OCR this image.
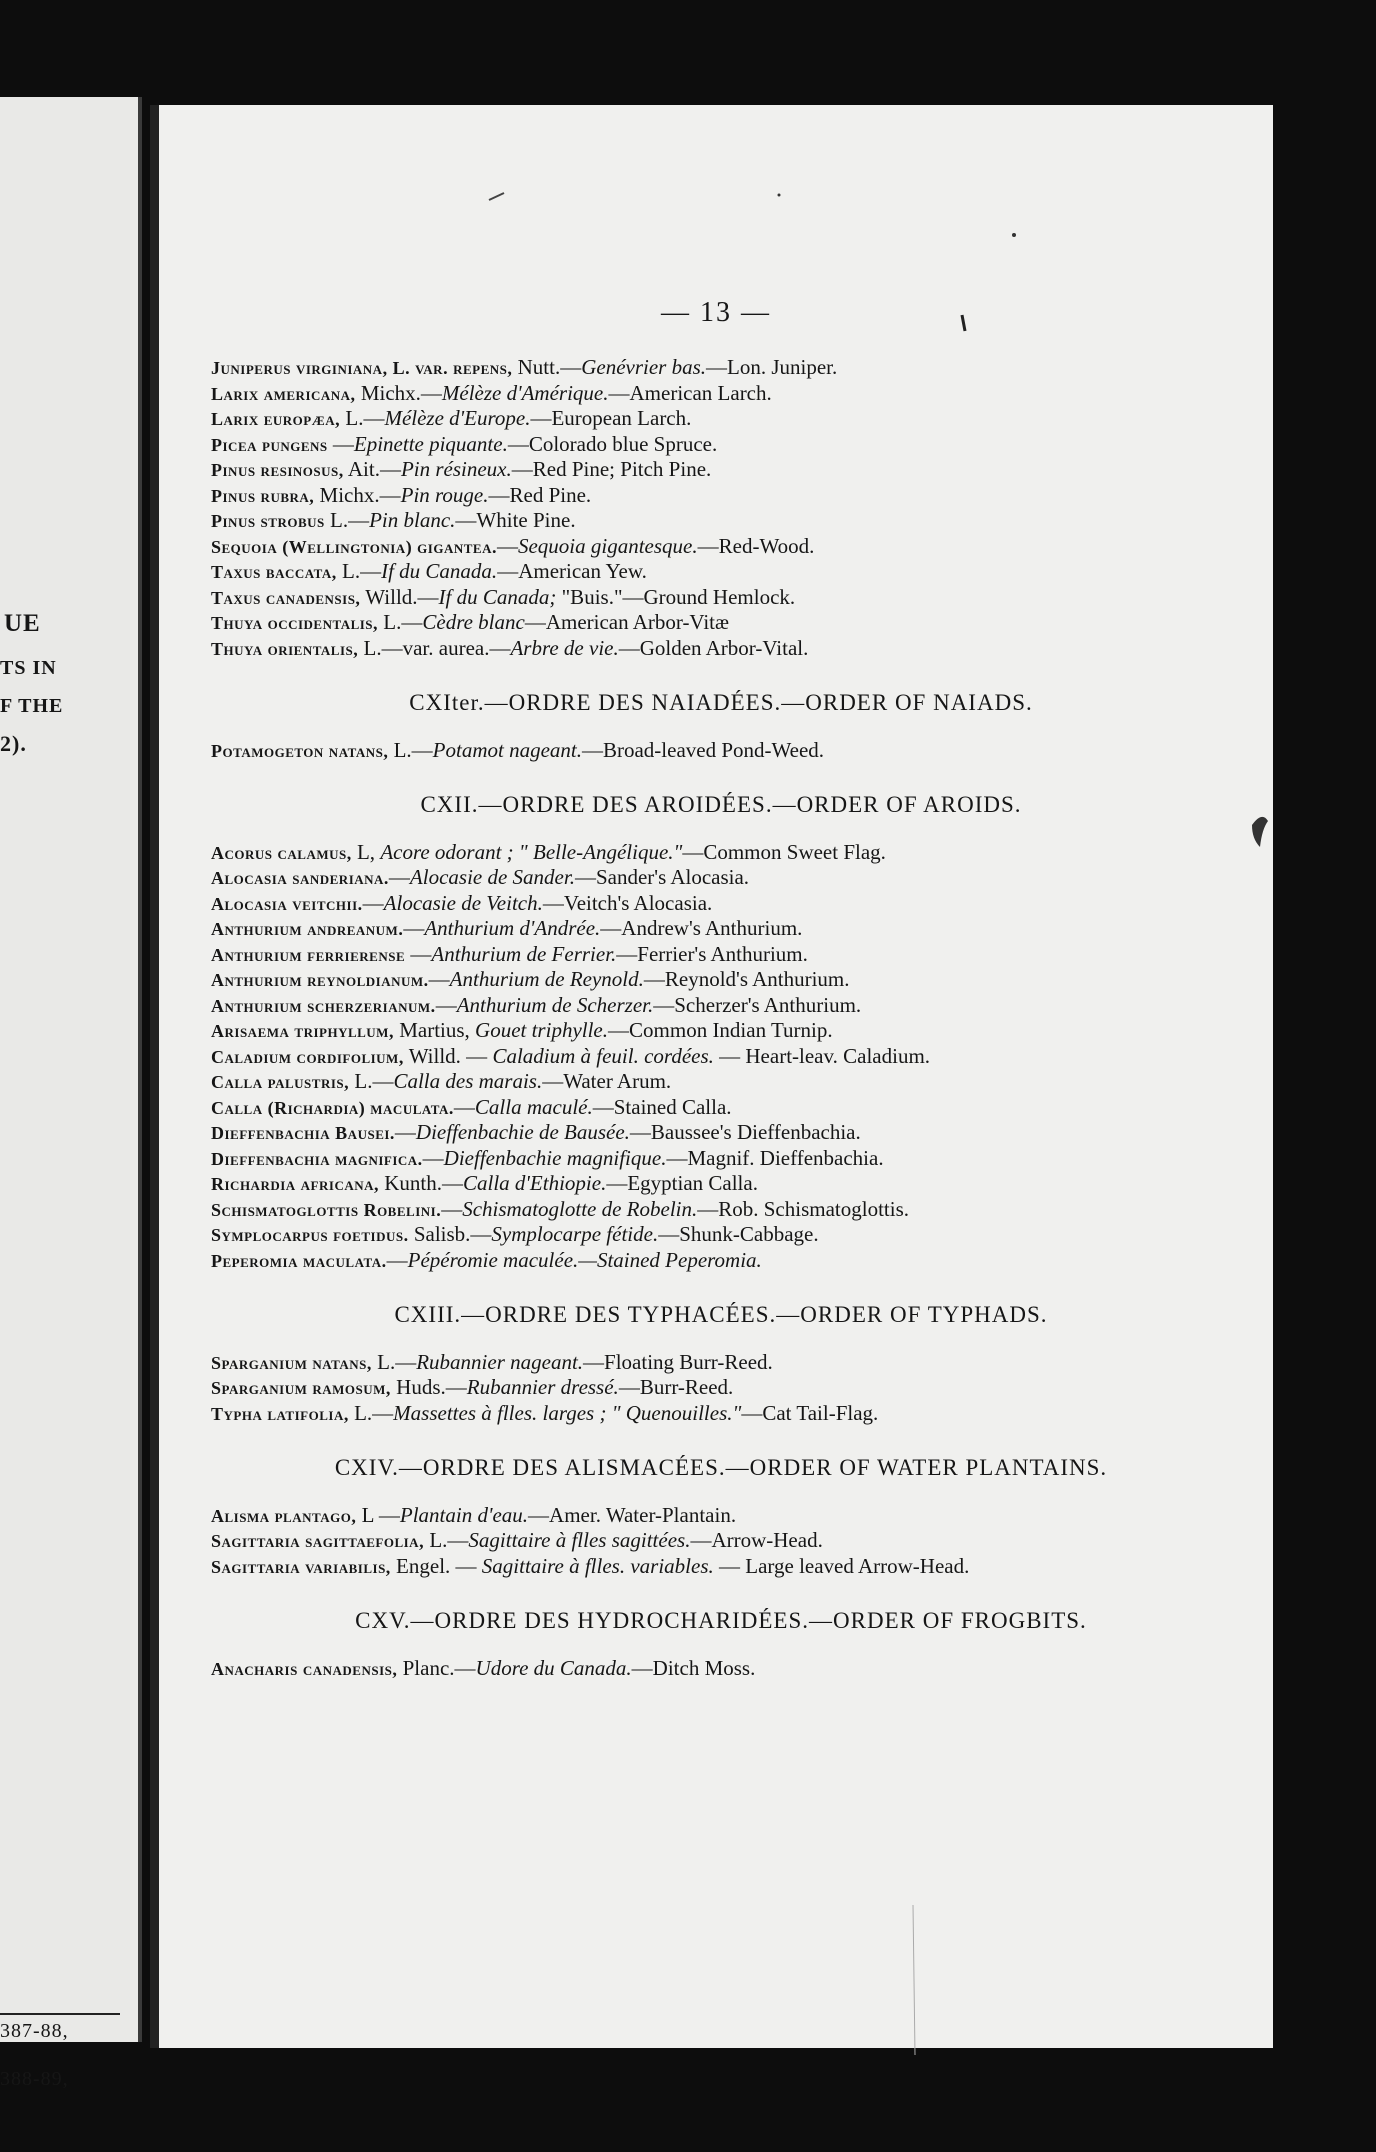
UE
TS IN
F THE
2).
387-88,
388-89,
— 13 —

Juniperus virginiana, L. var. repens, Nutt.—Genévrier bas.—Lon. Juniper.

Larix americana, Michx.—Mélèze d'Amérique.—American Larch.

Larix europæa, L.—Mélèze d'Europe.—European Larch.

Picea pungens —Epinette piquante.—Colorado blue Spruce.

Pinus resinosus, Ait.—Pin résineux.—Red Pine; Pitch Pine.

Pinus rubra, Michx.—Pin rouge.—Red Pine.

Pinus strobus L.—Pin blanc.—White Pine.

Sequoia (Wellingtonia) gigantea.—Sequoia gigantesque.—Red-Wood.

Taxus baccata, L.—If du Canada.—American Yew.

Taxus canadensis, Willd.—If du Canada; "Buis."—Ground Hemlock.

Thuya occidentalis, L.—Cèdre blanc—American Arbor-Vitæ

Thuya orientalis, L.—var. aurea.—Arbre de vie.—Golden Arbor-Vital.

CXIter.—ORDRE DES NAIADÉES.—ORDER OF NAIADS.

Potamogeton natans, L.—Potamot nageant.—Broad-leaved Pond-Weed.

CXII.—ORDRE DES AROIDÉES.—ORDER OF AROIDS.

Acorus calamus, L, Acore odorant ; " Belle-Angélique."—Common Sweet Flag.

Alocasia sanderiana.—Alocasie de Sander.—Sander's Alocasia.

Alocasia veitchii.—Alocasie de Veitch.—Veitch's Alocasia.

Anthurium andreanum.—Anthurium d'Andrée.—Andrew's Anthurium.

Anthurium ferrierense —Anthurium de Ferrier.—Ferrier's Anthurium.

Anthurium reynoldianum.—Anthurium de Reynold.—Reynold's Anthurium.

Anthurium scherzerianum.—Anthurium de Scherzer.—Scherzer's Anthurium.

Arisaema triphyllum, Martius, Gouet triphylle.—Common Indian Turnip.

Caladium cordifolium, Willd. — Caladium à feuil. cordées. — Heart-leav. Caladium.

Calla palustris, L.—Calla des marais.—Water Arum.

Calla (Richardia) maculata.—Calla maculé.—Stained Calla.

Dieffenbachia Bausei.—Dieffenbachie de Bausée.—Baussee's Dieffenbachia.

Dieffenbachia magnifica.—Dieffenbachie magnifique.—Magnif. Dieffenbachia.

Richardia africana, Kunth.—Calla d'Ethiopie.—Egyptian Calla.

Schismatoglottis Robelini.—Schismatoglotte de Robelin.—Rob. Schismatoglottis.

Symplocarpus foetidus. Salisb.—Symplocarpe fétide.—Shunk-Cabbage.

Peperomia maculata.—Pépéromie maculée.—Stained Peperomia.

CXIII.—ORDRE DES TYPHACÉES.—ORDER OF TYPHADS.

Sparganium natans, L.—Rubannier nageant.—Floating Burr-Reed.

Sparganium ramosum, Huds.—Rubannier dressé.—Burr-Reed.

Typha latifolia, L.—Massettes à flles. larges ; " Quenouilles."—Cat Tail-Flag.

CXIV.—ORDRE DES ALISMACÉES.—ORDER OF WATER PLANTAINS.

Alisma plantago, L —Plantain d'eau.—Amer. Water-Plantain.

Sagittaria sagittaefolia, L.—Sagittaire à flles sagittées.—Arrow-Head.

Sagittaria variabilis, Engel. — Sagittaire à flles. variables. — Large leaved Arrow-Head.

CXV.—ORDRE DES HYDROCHARIDÉES.—ORDER OF FROGBITS.

Anacharis canadensis, Planc.—Udore du Canada.—Ditch Moss.
